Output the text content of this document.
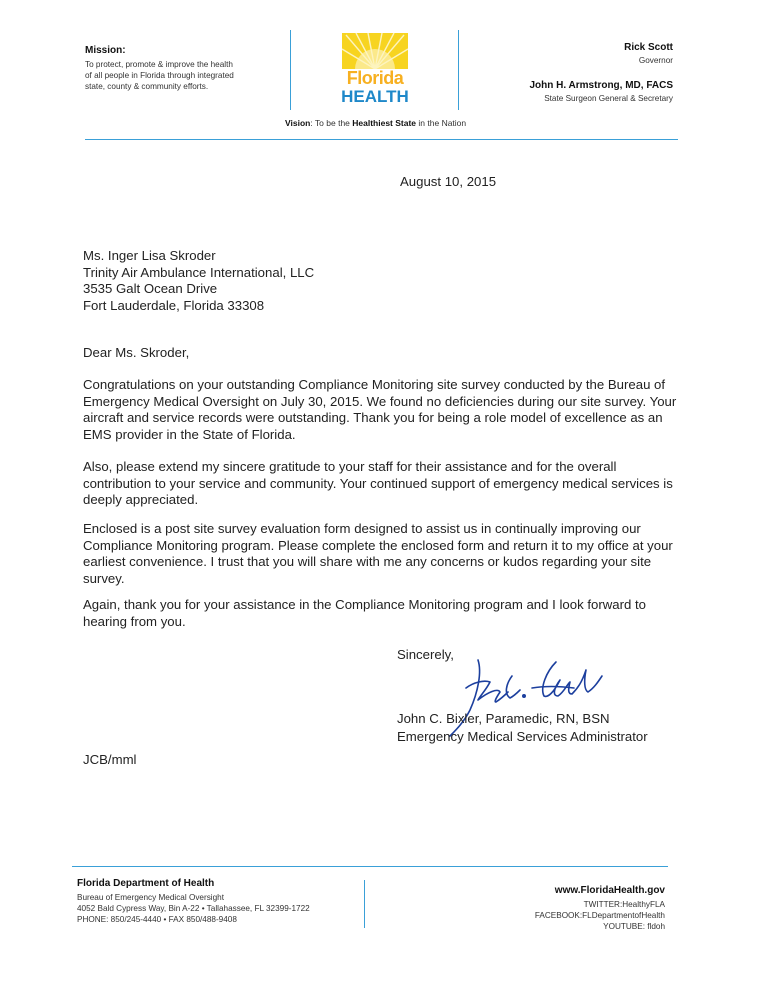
Mission:
To protect, promote & improve the health
of all people in Florida through integrated
state, county & community efforts.	Florida
HEALTH
Vision: To be the Healthiest State in the Nation
Rick Scott
Governor
John H. Armstrong, MD, FACS
State Surgeon General & Secretary
August 10, 2015
Ms. Inger Lisa Skroder
Trinity Air Ambulance International, LLC
3535 Galt Ocean Drive
Fort Lauderdale, Florida 33308
Dear Ms. Skroder,
Congratulations on your outstanding Compliance Monitoring site survey conducted by the Bureau of Emergency Medical Oversight on July 30, 2015. We found no deficiencies during our site survey. Your aircraft and service records were outstanding. Thank you for being a role model of excellence as an EMS provider in the State of Florida.
Also, please extend my sincere gratitude to your staff for their assistance and for the overall contribution to your service and community. Your continued support of emergency medical services is deeply appreciated.
Enclosed is a post site survey evaluation form designed to assist us in continually improving our Compliance Monitoring program. Please complete the enclosed form and return it to my office at your earliest convenience. I trust that you will share with me any concerns or kudos regarding your site survey.
Again, thank you for your assistance in the Compliance Monitoring program and I look forward to hearing from you.
Sincerely,
John C. Bixler, Paramedic, RN, BSN
Emergency Medical Services Administrator
JCB/mml
Florida Department of Health
Bureau of Emergency Medical Oversight
4052 Bald Cypress Way, Bin A-22 • Tallahassee, FL 32399-1722
PHONE: 850/245-4440 • FAX 850/488-9408
www.FloridaHealth.gov
TWITTER:HealthyFLA
FACEBOOK:FLDepartmentofHealth
YOUTUBE: fldoh
